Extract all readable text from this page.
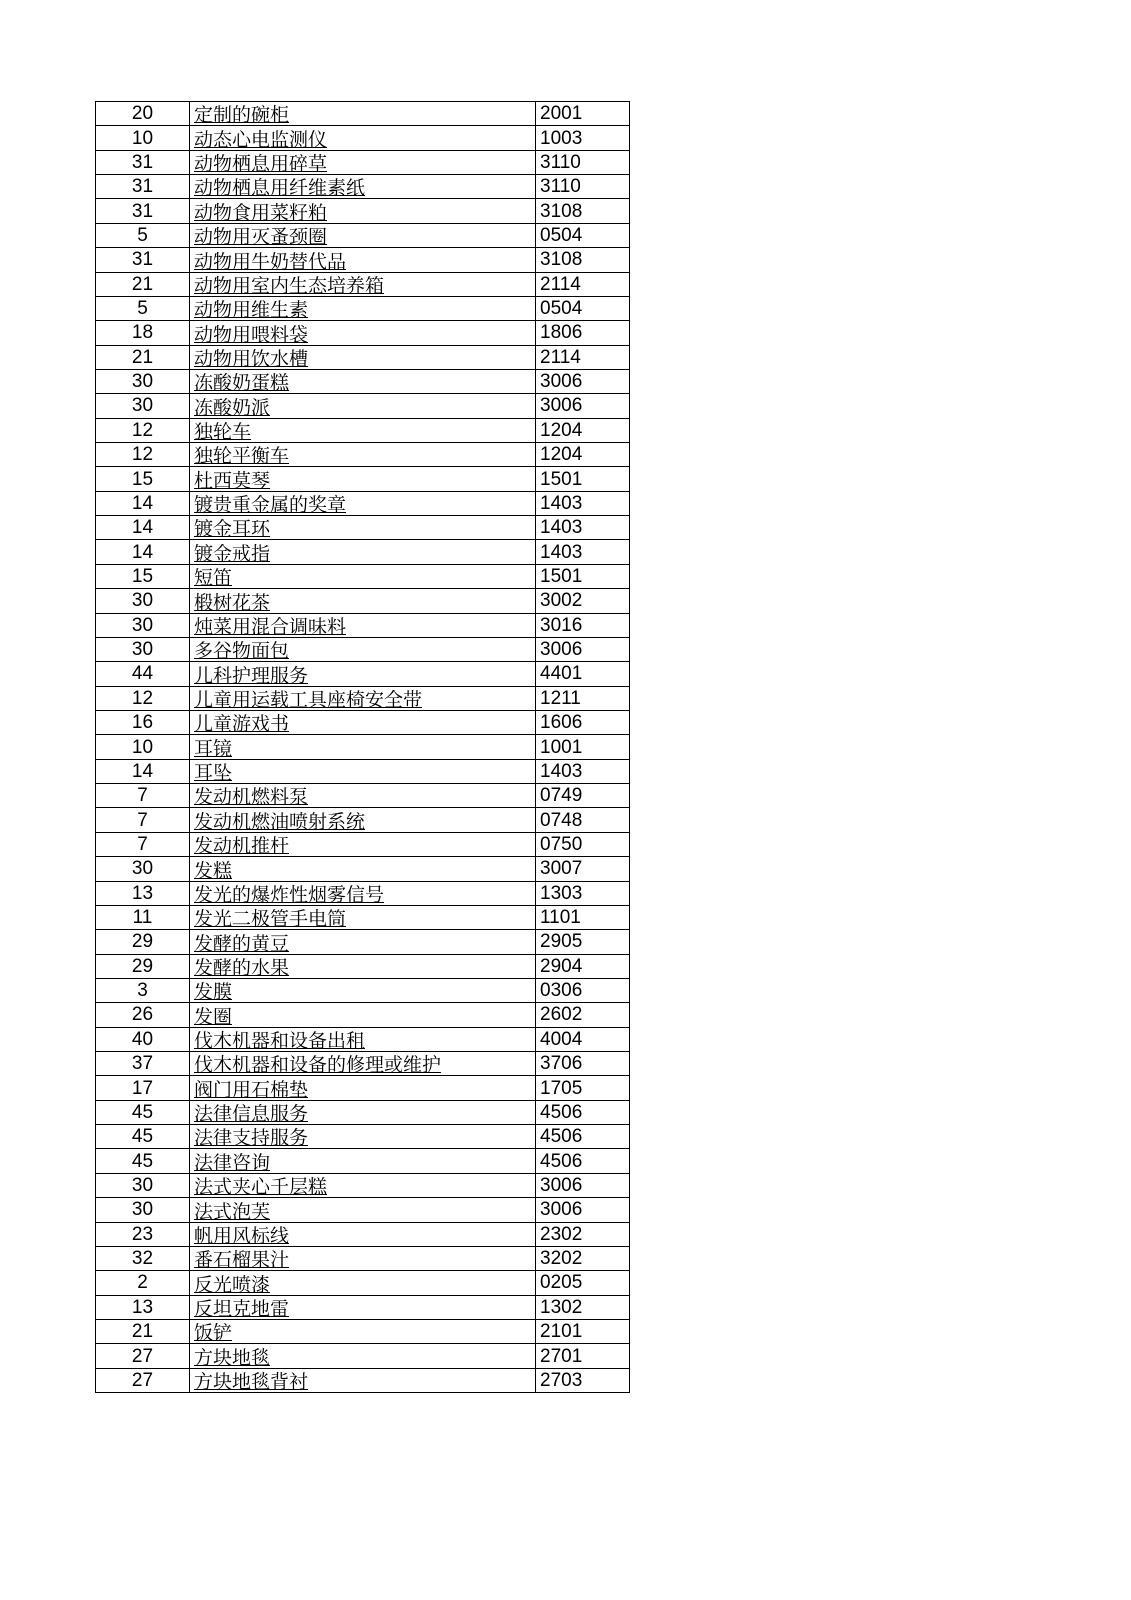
20	定制的碗柜	2001
10	动态心电监测仪	1003
31	动物栖息用碎草	3110
31	动物栖息用纤维素纸	3110
31	动物食用菜籽粕	3108
5	动物用灭蚤颈圈	0504
31	动物用牛奶替代品	3108
21	动物用室内生态培养箱	2114
5	动物用维生素	0504
18	动物用喂料袋	1806
21	动物用饮水槽	2114
30	冻酸奶蛋糕	3006
30	冻酸奶派	3006
12	独轮车	1204
12	独轮平衡车	1204
15	杜西莫琴	1501
14	镀贵重金属的奖章	1403
14	镀金耳环	1403
14	镀金戒指	1403
15	短笛	1501
30	椴树花茶	3002
30	炖菜用混合调味料	3016
30	多谷物面包	3006
44	儿科护理服务	4401
12	儿童用运载工具座椅安全带	1211
16	儿童游戏书	1606
10	耳镜	1001
14	耳坠	1403
7	发动机燃料泵	0749
7	发动机燃油喷射系统	0748
7	发动机推杆	0750
30	发糕	3007
13	发光的爆炸性烟雾信号	1303
11	发光二极管手电筒	1101
29	发酵的黄豆	2905
29	发酵的水果	2904
3	发膜	0306
26	发圈	2602
40	伐木机器和设备出租	4004
37	伐木机器和设备的修理或维护	3706
17	阀门用石棉垫	1705
45	法律信息服务	4506
45	法律支持服务	4506
45	法律咨询	4506
30	法式夹心千层糕	3006
30	法式泡芙	3006
23	帆用风标线	2302
32	番石榴果汁	3202
2	反光喷漆	0205
13	反坦克地雷	1302
21	饭铲	2101
27	方块地毯	2701
27	方块地毯背衬	2703
